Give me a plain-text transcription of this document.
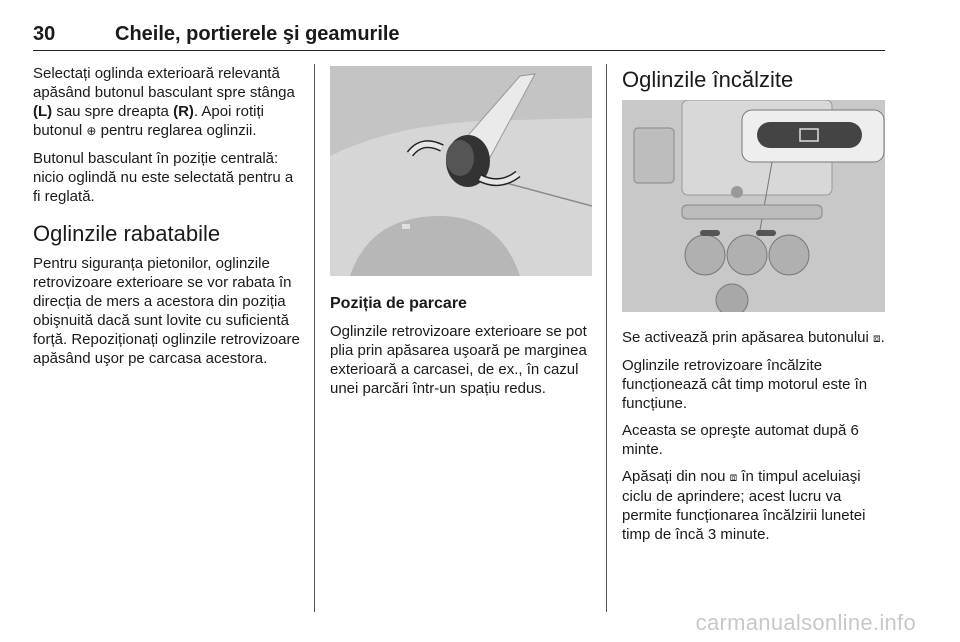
30	Cheile, portierele şi geamurile

Selectați oglinda exterioară relevantă apăsând butonul basculant spre stânga (L) sau spre dreapta (R). Apoi rotiți butonul ⊕ pentru reglarea oglinzii.

Butonul basculant în poziție centrală: nicio oglindă nu este selectată pentru a fi reglată.

Oglinzile rabatabile

Pentru siguranța pietonilor, oglinzile retrovizoare exterioare se vor rabata în direcția de mers a acestora din poziția obişnuită dacă sunt lovite cu suficientă forță. Repoziționați oglinzile retrovizoare apăsând uşor pe carcasa acestora.

Poziția de parcare

Oglinzile retrovizoare exterioare se pot plia prin apăsarea uşoară pe marginea exterioară a carcasei, de ex., în cazul unei parcări într-un spațiu redus.

Oglinzile încălzite

Se activează prin apăsarea butonului ⧈.

Oglinzile retrovizoare încălzite funcționează cât timp motorul este în funcțiune.

Aceasta se opreşte automat după 6 minte.

Apăsați din nou ⧈ în timpul aceluiaşi ciclu de aprindere; acest lucru va permite funcționarea încălzirii lunetei timp de încă 3 minute.

carmanualsonline.info
